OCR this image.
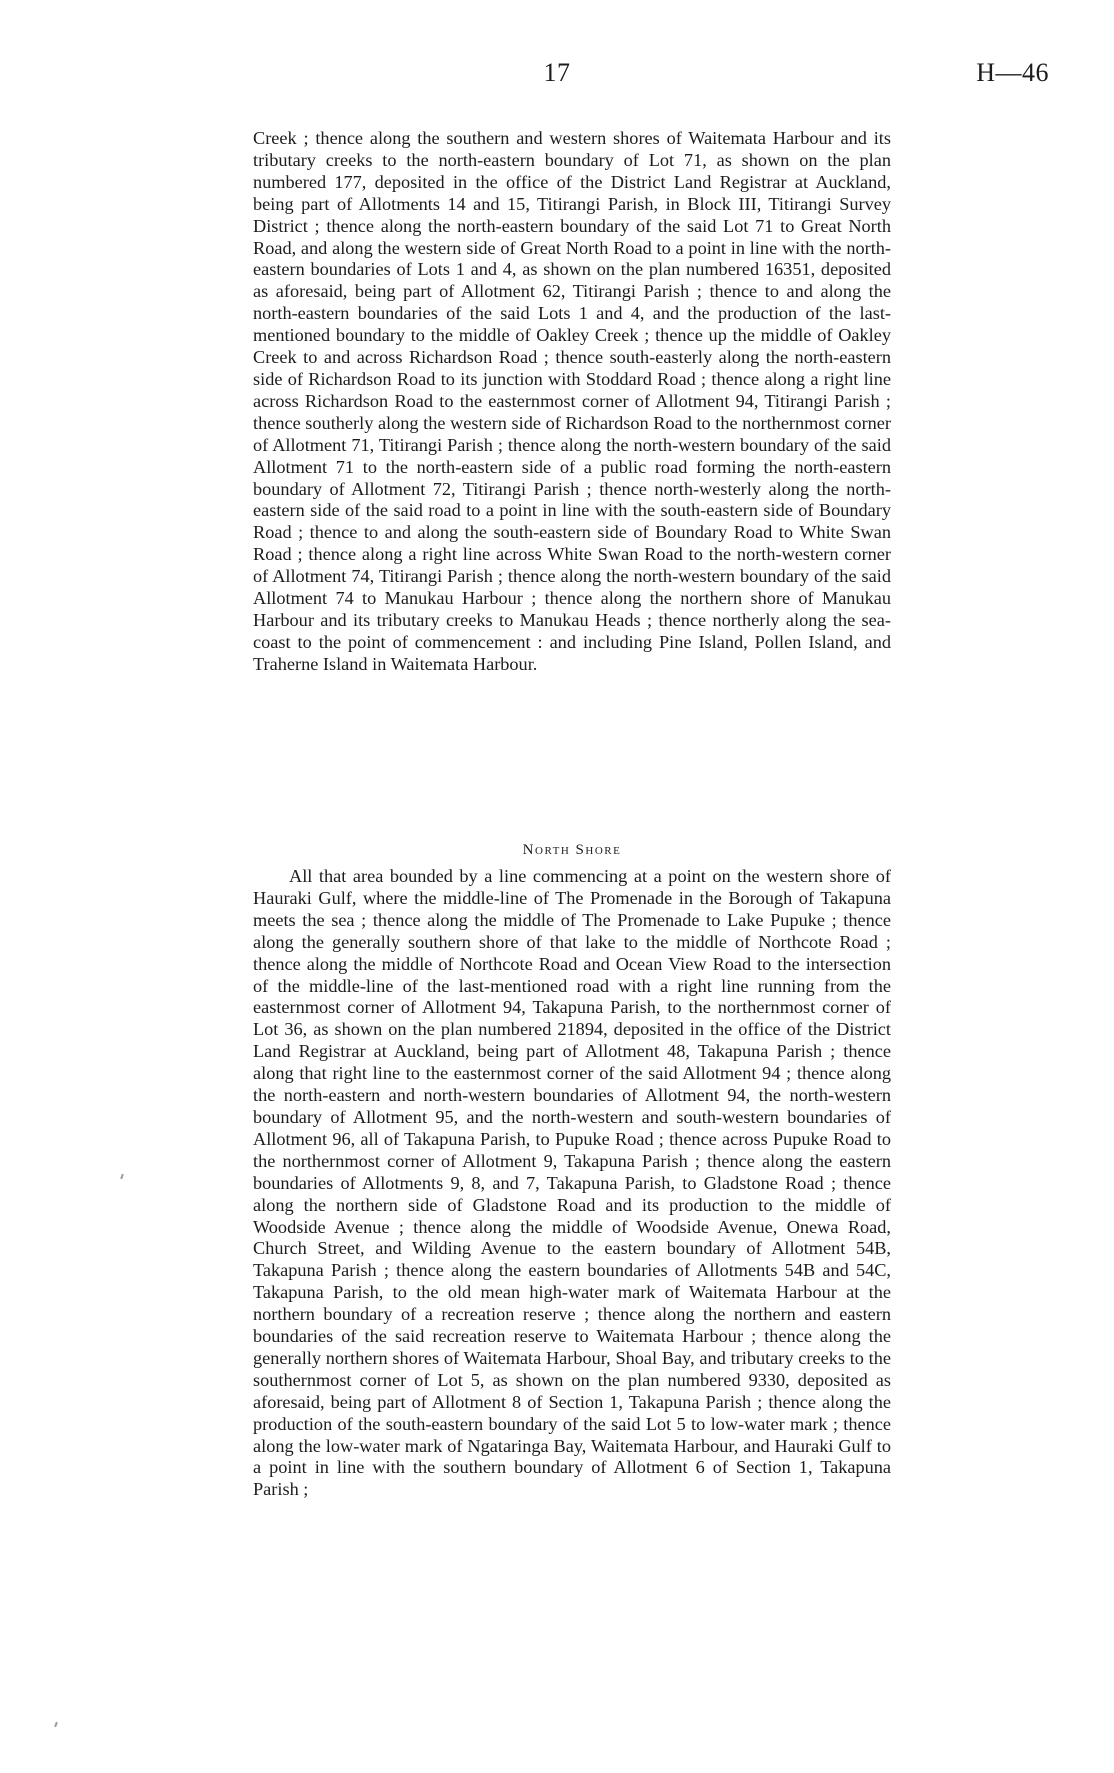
17	H—46

Creek ; thence along the southern and western shores of Waitemata Harbour and its tributary creeks to the north-eastern boundary of Lot 71, as shown on the plan numbered 177, deposited in the office of the District Land Registrar at Auckland, being part of Allotments 14 and 15, Titirangi Parish, in Block III, Titirangi Survey District ; thence along the north-eastern boundary of the said Lot 71 to Great North Road, and along the western side of Great North Road to a point in line with the north-eastern boundaries of Lots 1 and 4, as shown on the plan numbered 16351, deposited as aforesaid, being part of Allotment 62, Titirangi Parish ; thence to and along the north-eastern boundaries of the said Lots 1 and 4, and the production of the last-mentioned boundary to the middle of Oakley Creek ; thence up the middle of Oakley Creek to and across Richardson Road ; thence south-easterly along the north-eastern side of Richardson Road to its junction with Stoddard Road ; thence along a right line across Richardson Road to the easternmost corner of Allotment 94, Titirangi Parish ; thence southerly along the western side of Richardson Road to the northernmost corner of Allotment 71, Titirangi Parish ; thence along the north-western boundary of the said Allotment 71 to the north-eastern side of a public road forming the north-eastern boundary of Allotment 72, Titirangi Parish ; thence north-westerly along the north-eastern side of the said road to a point in line with the south-eastern side of Boundary Road ; thence to and along the south-eastern side of Boundary Road to White Swan Road ; thence along a right line across White Swan Road to the north-western corner of Allotment 74, Titirangi Parish ; thence along the north-western boundary of the said Allotment 74 to Manukau Harbour ; thence along the northern shore of Manukau Harbour and its tributary creeks to Manukau Heads ; thence northerly along the sea-coast to the point of commencement : and including Pine Island, Pollen Island, and Traherne Island in Waitemata Harbour.

North Shore

All that area bounded by a line commencing at a point on the western shore of Hauraki Gulf, where the middle-line of The Promenade in the Borough of Takapuna meets the sea ; thence along the middle of The Promenade to Lake Pupuke ; thence along the generally southern shore of that lake to the middle of Northcote Road ; thence along the middle of Northcote Road and Ocean View Road to the intersection of the middle-line of the last-mentioned road with a right line running from the easternmost corner of Allotment 94, Takapuna Parish, to the northernmost corner of Lot 36, as shown on the plan numbered 21894, deposited in the office of the District Land Registrar at Auckland, being part of Allotment 48, Takapuna Parish ; thence along that right line to the easternmost corner of the said Allotment 94 ; thence along the north-eastern and north-western boundaries of Allotment 94, the north-western boundary of Allotment 95, and the north-western and south-western boundaries of Allotment 96, all of Takapuna Parish, to Pupuke Road ; thence across Pupuke Road to the northernmost corner of Allotment 9, Takapuna Parish ; thence along the eastern boundaries of Allotments 9, 8, and 7, Takapuna Parish, to Gladstone Road ; thence along the northern side of Gladstone Road and its production to the middle of Woodside Avenue ; thence along the middle of Woodside Avenue, Onewa Road, Church Street, and Wilding Avenue to the eastern boundary of Allotment 54B, Takapuna Parish ; thence along the eastern boundaries of Allotments 54B and 54C, Takapuna Parish, to the old mean high-water mark of Waitemata Harbour at the northern boundary of a recreation reserve ; thence along the northern and eastern boundaries of the said recreation reserve to Waitemata Harbour ; thence along the generally northern shores of Waitemata Harbour, Shoal Bay, and tributary creeks to the southernmost corner of Lot 5, as shown on the plan numbered 9330, deposited as aforesaid, being part of Allotment 8 of Section 1, Takapuna Parish ; thence along the production of the south-eastern boundary of the said Lot 5 to low-water mark ; thence along the low-water mark of Ngataringa Bay, Waitemata Harbour, and Hauraki Gulf to a point in line with the southern boundary of Allotment 6 of Section 1, Takapuna Parish ;
